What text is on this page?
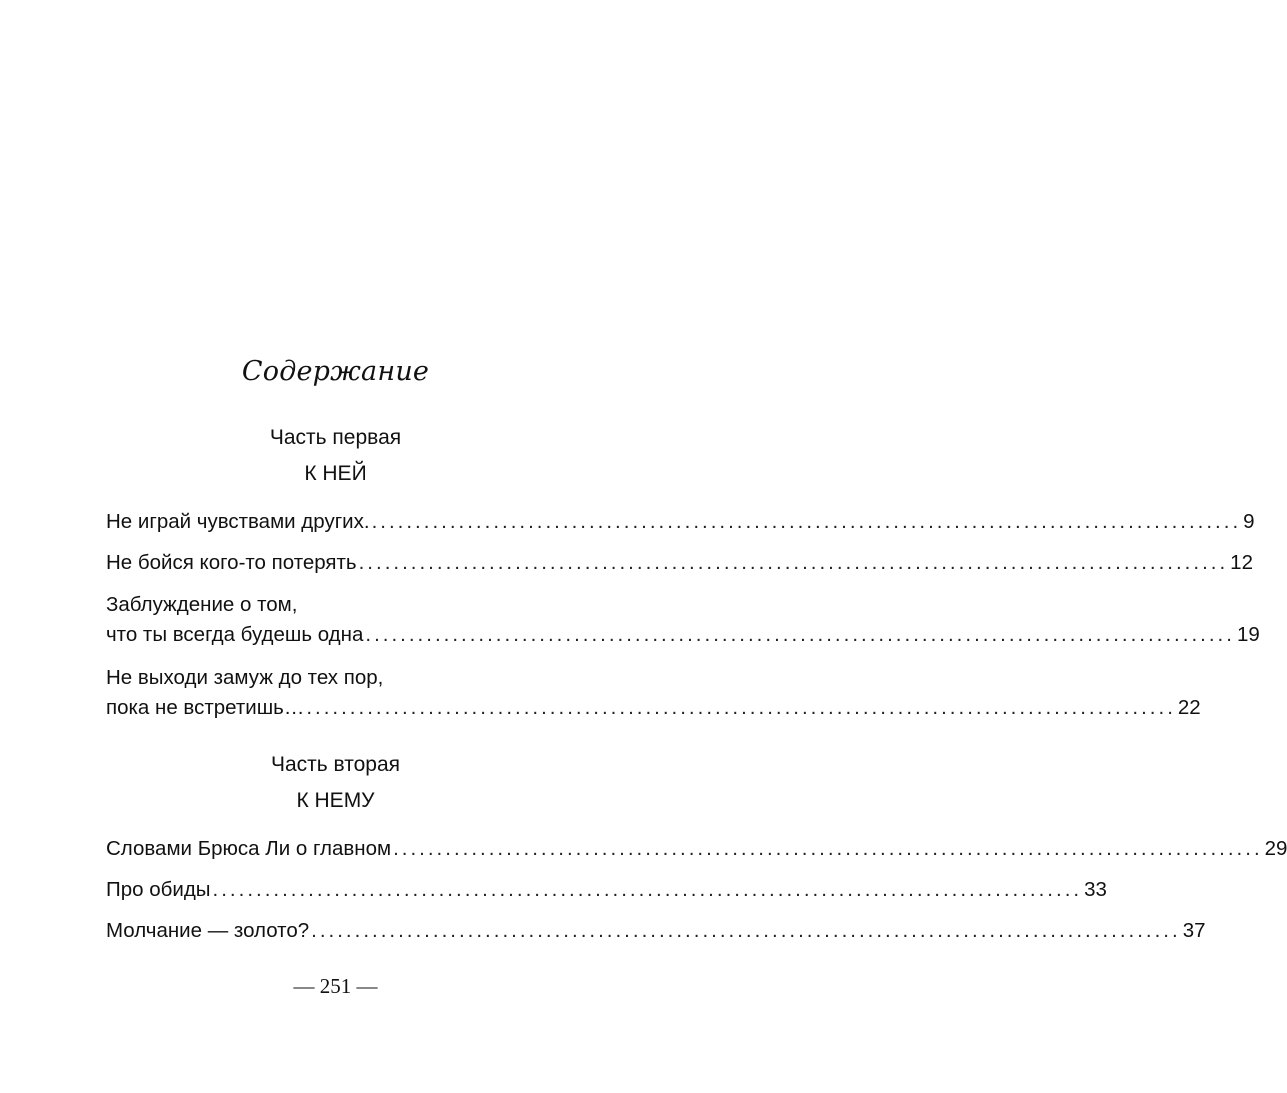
Содержание
Часть первая
К НЕЙ
Не играй чувствами других. .................................................................................................... 9
Не бойся кого-то потерять .................................................................................................... 12
Заблуждение о том,
что ты всегда будешь одна .................................................................................................... 19
Не выходи замуж до тех пор,
пока не встретишь… .................................................................................................... 22
Часть вторая
К НЕМУ
Словами Брюса Ли о главном .................................................................................................... 29
Про обиды .................................................................................................... 33
Молчание — золото? .................................................................................................... 37
— 251 —
